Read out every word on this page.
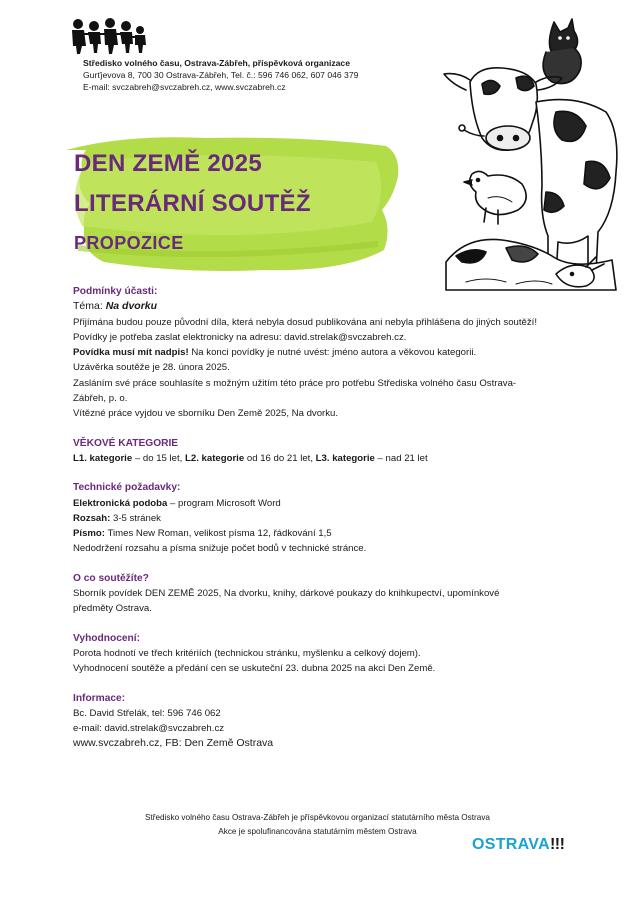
Středisko volného času, Ostrava-Zábřeh, příspěvková organizace
Gurťjevova 8, 700 30 Ostrava-Zábřeh, Tel. č.: 596 746 062, 607 046 379
E-mail: svczabreh@svczabreh.cz, www.svczabreh.cz
DEN ZEMĚ 2025
LITERÁRNÍ SOUTĚŽ
PROPOZICE
Podmínky účasti:
Téma: Na dvorku
Přijímána budou pouze původní díla, která nebyla dosud publikována ani nebyla přihlášena do jiných soutěží!
Povídky je potřeba zaslat elektronicky na adresu: david.strelak@svczabreh.cz.
Povídka musí mít nadpis! Na konci povídky je nutné uvést: jméno autora a věkovou kategorii.
Uzávěrka soutěže je 28. února 2025.
Zasláním své práce souhlasíte s možným užitím této práce pro potřebu Střediska volného času Ostrava-
Zábřeh, p. o.
Vítězné práce vyjdou ve sborníku Den Země 2025, Na dvorku.
VĚKOVÉ KATEGORIE
L1. kategorie – do 15 let, L2. kategorie od 16 do 21 let, L3. kategorie – nad 21 let
Technické požadavky:
Elektronická podoba – program Microsoft Word
Rozsah: 3-5 stránek
Písmo: Times New Roman, velikost písma 12, řádkování 1,5
Nedodržení rozsahu a písma snižuje počet bodů v technické stránce.
O co soutěžíte?
Sborník povídek DEN ZEMĚ 2025, Na dvorku, knihy, dárkové poukazy do knihkupectví, upomínkové
předměty Ostrava.
Vyhodnocení:
Porota hodnotí ve třech kritériích (technickou stránku, myšlenku a celkový dojem).
Vyhodnocení soutěže a předání cen se uskuteční 23. dubna 2025 na akci Den Země.
Informace:
Bc. David Střelák, tel: 596 746 062
e-mail: david.strelak@svczabreh.cz
www.svczabreh.cz, FB: Den Země Ostrava
Středisko volného času Ostrava-Zábřeh je příspěvkovou organizací statutárního města Ostrava
Akce je spolufinancována statutárním městem Ostrava
OSTRAVA!!!
